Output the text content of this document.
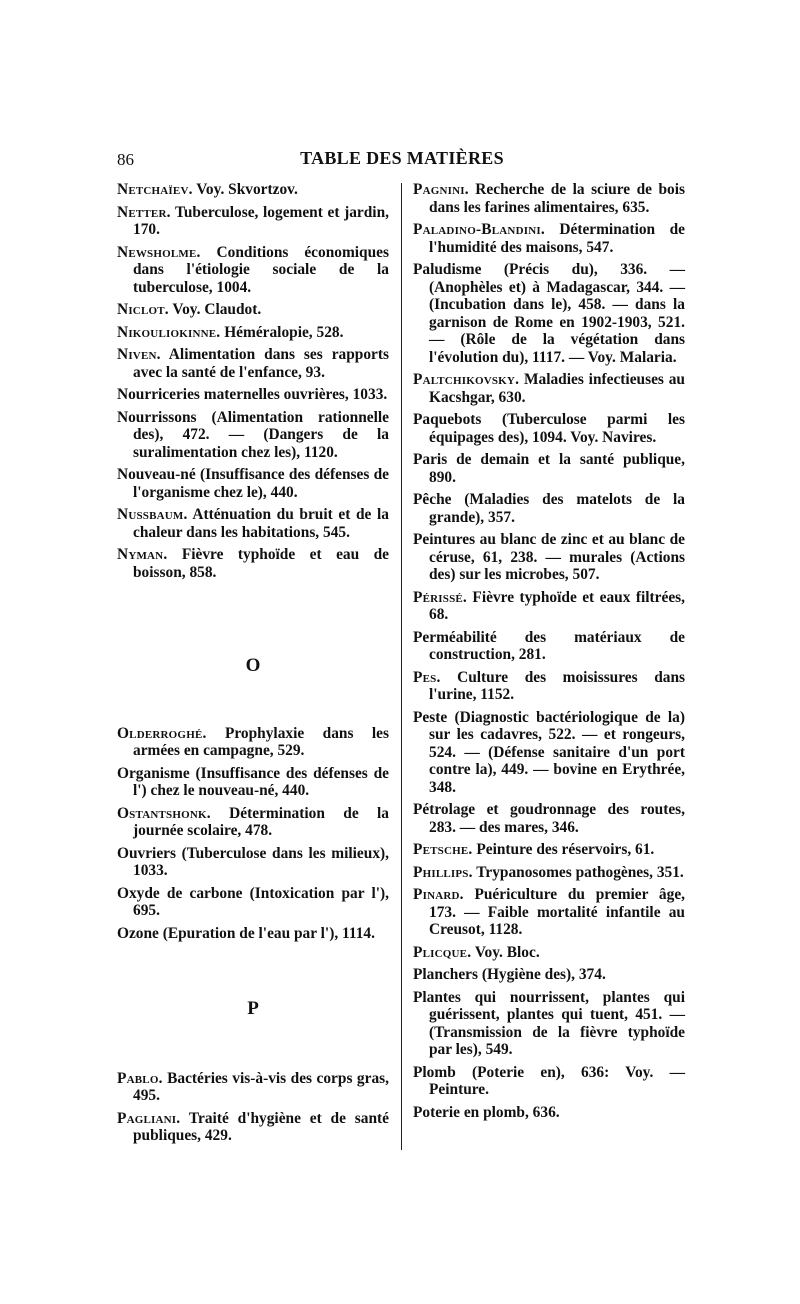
86	TABLE DES MATIÈRES

Netchaïev. Voy. Skvortzov.

Netter. Tuberculose, logement et jardin, 170.

Newsholme. Conditions économiques dans l'étiologie sociale de la tuberculose, 1004.

Niclot. Voy. Claudot.

Nikouliokinne. Héméralopie, 528.

Niven. Alimentation dans ses rapports avec la santé de l'enfance, 93.

Nourriceries maternelles ouvrières, 1033.

Nourrissons (Alimentation rationnelle des), 472. — (Dangers de la suralimentation chez les), 1120.

Nouveau-né (Insuffisance des défenses de l'organisme chez le), 440.

Nussbaum. Atténuation du bruit et de la chaleur dans les habitations, 545.

Nyman. Fièvre typhoïde et eau de boisson, 858.

O

Olderroghé. Prophylaxie dans les armées en campagne, 529.

Organisme (Insuffisance des défenses de l') chez le nouveau-né, 440.

Ostantshonk. Détermination de la journée scolaire, 478.

Ouvriers (Tuberculose dans les milieux), 1033.

Oxyde de carbone (Intoxication par l'), 695.

Ozone (Epuration de l'eau par l'), 1114.

P

Pablo. Bactéries vis-à-vis des corps gras, 495.

Pagliani. Traité d'hygiène et de santé publiques, 429.

Pagnini. Recherche de la sciure de bois dans les farines alimentaires, 635.

Paladino-Blandini. Détermination de l'humidité des maisons, 547.

Paludisme (Précis du), 336. — (Anophèles et) à Madagascar, 344. — (Incubation dans le), 458. — dans la garnison de Rome en 1902-1903, 521. — (Rôle de la végétation dans l'évolution du), 1117. — Voy. Malaria.

Paltchikovsky. Maladies infectieuses au Kacshgar, 630.

Paquebots (Tuberculose parmi les équipages des), 1094. Voy. Navires.

Paris de demain et la santé publique, 890.

Pêche (Maladies des matelots de la grande), 357.

Peintures au blanc de zinc et au blanc de céruse, 61, 238. — murales (Actions des) sur les microbes, 507.

Périssé. Fièvre typhoïde et eaux filtrées, 68.

Perméabilité des matériaux de construction, 281.

Pes. Culture des moisissures dans l'urine, 1152.

Peste (Diagnostic bactériologique de la) sur les cadavres, 522. — et rongeurs, 524. — (Défense sanitaire d'un port contre la), 449. — bovine en Erythrée, 348.

Pétrolage et goudronnage des routes, 283. — des mares, 346.

Petsche. Peinture des réservoirs, 61.

Phillips. Trypanosomes pathogènes, 351.

Pinard. Puériculture du premier âge, 173. — Faible mortalité infantile au Creusot, 1128.

Plicque. Voy. Bloc.

Planchers (Hygiène des), 374.

Plantes qui nourrissent, plantes qui guérissent, plantes qui tuent, 451. — (Transmission de la fièvre typhoïde par les), 549.

Plomb (Poterie en), 636: Voy. — Peinture.

Poterie en plomb, 636.
